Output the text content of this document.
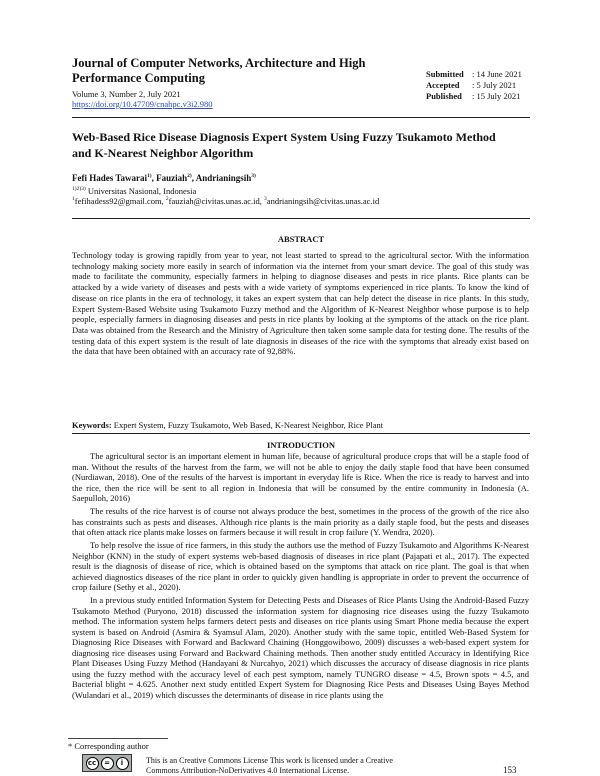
Journal of Computer Networks, Architecture and High Performance Computing
Volume 3, Number 2, July 2021
https://doi.org/10.47709/cnahpc.v3i2.980
Submitted : 14 June 2021
Accepted : 5 July 2021
Published : 15 July 2021
Web-Based Rice Disease Diagnosis Expert System Using Fuzzy Tsukamoto Method and K-Nearest Neighbor Algorithm
Fefi Hades Tawarai$^{1)}$, Fauziah$^{2)}$, Andrianingsih$^{3)}$
$^{1)2)3)}$ Universitas Nasional, Indonesia
$^1$fefihadess92@gmail.com, $^2$fauziah@civitas.unas.ac.id, $^3$andrianingsih@civitas.unas.ac.id
ABSTRACT
Technology today is growing rapidly from year to year, not least started to spread to the agricultural sector. With the information technology making society more easily in search of information via the internet from your smart device. The goal of this study was made to facilitate the community, especially farmers in helping to diagnose diseases and pests in rice plants. Rice plants can be attacked by a wide variety of diseases and pests with a wide variety of symptoms experienced in rice plants. To know the kind of disease on rice plants in the era of technology, it takes an expert system that can help detect the disease in rice plants. In this study, Expert System-Based Website using Tsukamoto Fuzzy method and the Algorithm of K-Nearest Neighbor whose purpose is to help people, especially farmers in diagnosing diseases and pests in rice plants by looking at the symptoms of the attack on the rice plant. Data was obtained from the Research and the Ministry of Agriculture then taken some sample data for testing done. The results of the testing data of this expert system is the result of late diagnosis in diseases of the rice with the symptoms that already exist based on the data that have been obtained with an accuracy rate of 92,88%.
Keywords: Expert System, Fuzzy Tsukamoto, Web Based, K-Nearest Neighbor, Rice Plant
INTRODUCTION

The agricultural sector is an important element in human life, because of agricultural produce crops that will be a staple food of man. Without the results of the harvest from the farm, we will not be able to enjoy the daily staple food that have been consumed (Nurdiawan, 2018). One of the results of the harvest is important in everyday life is Rice. When the rice is ready to harvest and into the rice, then the rice will be sent to all region in Indonesia that will be consumed by the entire community in Indonesia (A. Saepulloh, 2016)

The results of the rice harvest is of course not always produce the best, sometimes in the process of the growth of the rice also has constraints such as pests and diseases. Although rice plants is the main priority as a daily staple food, but the pests and diseases that often attack rice plants make losses on farmers because it will result in crop failure (Y. Wendra, 2020).

To help resolve the issue of rice farmers, in this study the authors use the method of Fuzzy Tsukamoto and Algorithms K-Nearest Neighbor (KNN) in the study of expert systems web-based diagnosis of diseases in rice plant (Pajapati et al., 2017). The expected result is the diagnosis of disease of rice, which is obtained based on the symptoms that attack on rice plant. The goal is that when achieved diagnostics diseases of the rice plant in order to quickly given handling is appropriate in order to prevent the occurrence of crop failure (Sethy et al., 2020).

In a previous study entitled Information System for Detecting Pests and Diseases of Rice Plants Using the Android-Based Fuzzy Tsukamoto Method (Puryono, 2018) discussed the information system for diagnosing rice diseases using the fuzzy Tsukamoto method. The information system helps farmers detect pests and diseases on rice plants using Smart Phone media because the expert system is based on Android (Asmira & Syamsul Alam, 2020). Another study with the same topic, entitled Web-Based System for Diagnosing Rice Diseases with Forward and Backward Chaining (Honggowibowo, 2009) discusses a web-based expert system for diagnosing rice diseases using Forward and Backward Chaining methods. Then another study entitled Accuracy in Identifying Rice Plant Diseases Using Fuzzy Method (Handayani & Nurcahyo, 2021) which discusses the accuracy of disease diagnosis in rice plants using the fuzzy method with the accuracy level of each pest symptom, namely TUNGRO disease = 4.5, Brown spots = 4.5, and Bacterial blight = 4.625. Another next study entitled Expert System for Diagnosing Rice Pests and Diseases Using Bayes Method (Wulandari et al., 2019) which discusses the determinants of disease in rice plants using the

* Corresponding author
cc	=	i	This is an Creative Commons License This work is licensed under a Creative
Commons Attribution-NoDerivatives 4.0 International License.	153
